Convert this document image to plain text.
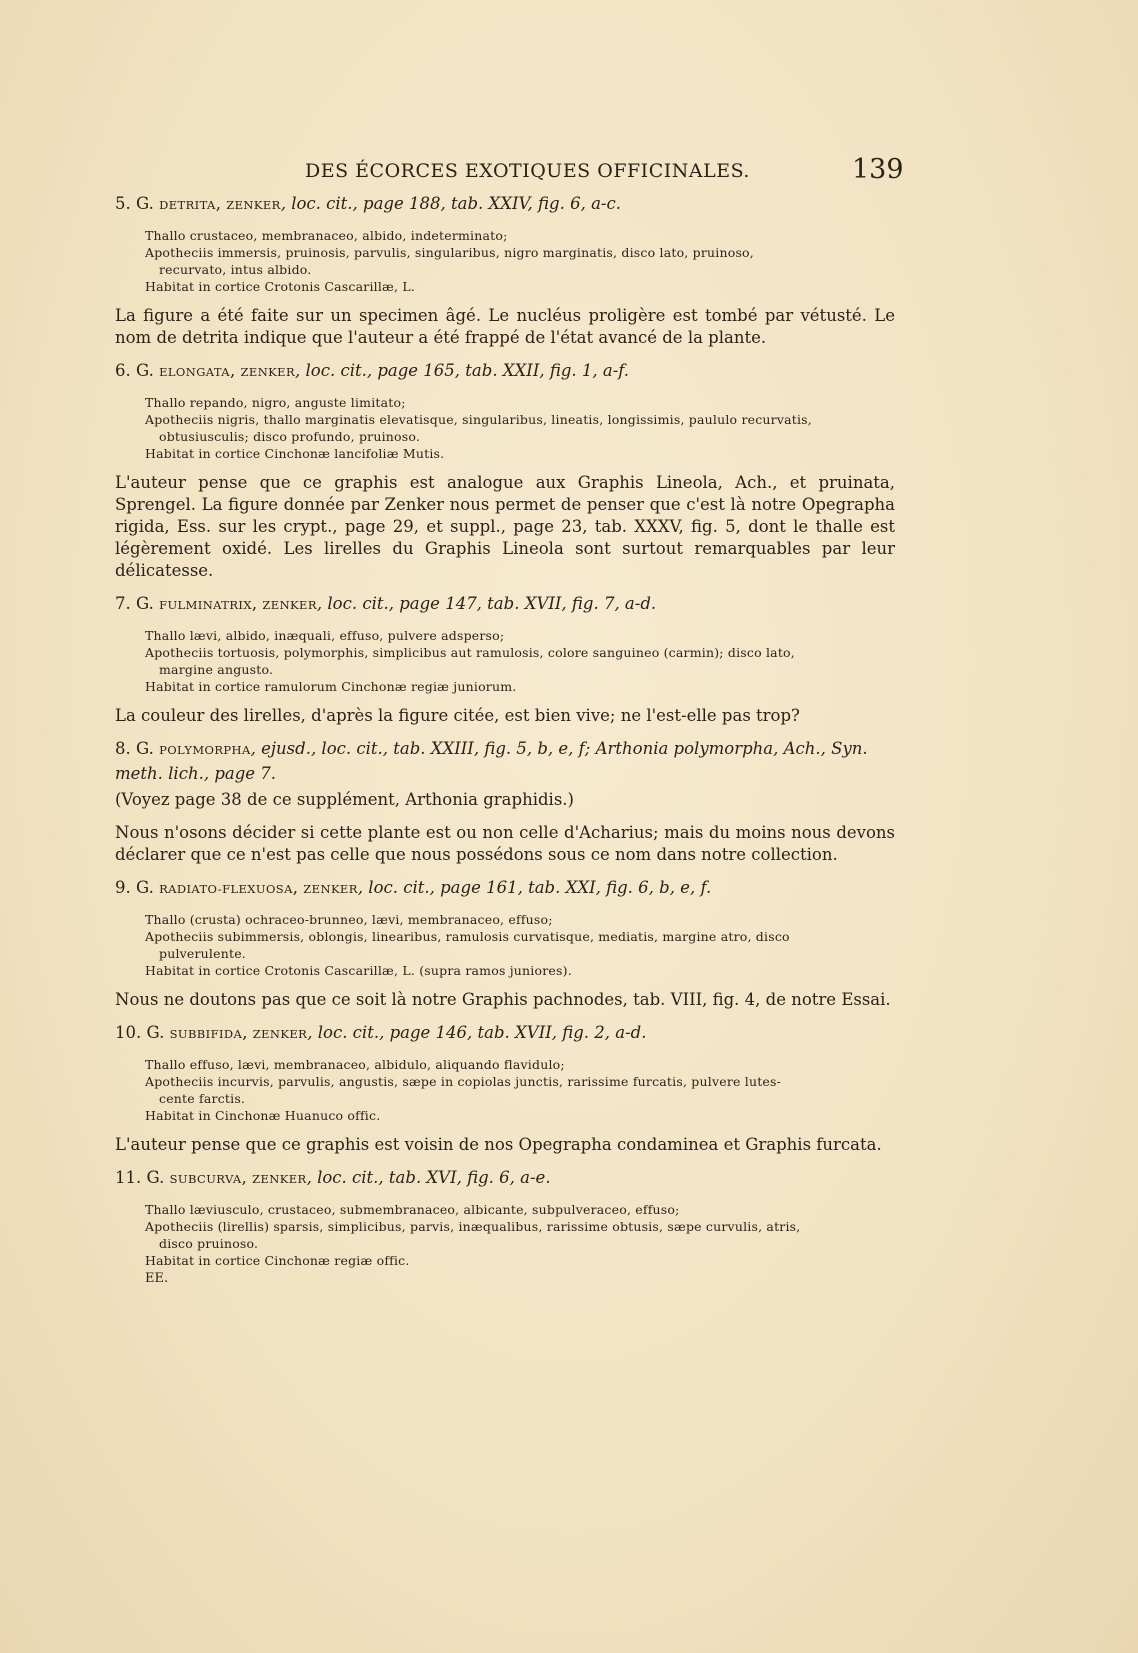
DES ÉCORCES EXOTIQUES OFFICINALES.	139

5. G. DETRITA, ZENKER, loc. cit., page 188, tab. XXIV, fig. 6, a-c.

Thallo crustaceo, membranaceo, albido, indeterminato;
Apotheciis immersis, pruinosis, parvulis, singularibus, nigro marginatis, disco lato, pruinoso,
recurvato, intus albido.
Habitat in cortice Crotonis Cascarillæ, L.

La figure a été faite sur un specimen âgé. Le nucléus proligère est tombé par vétusté. Le nom de detrita indique que l'auteur a été frappé de l'état avancé de la plante.

6. G. ELONGATA, ZENKER, loc. cit., page 165, tab. XXII, fig. 1, a-f.

Thallo repando, nigro, anguste limitato;
Apotheciis nigris, thallo marginatis elevatisque, singularibus, lineatis, longissimis, paululo recurvatis,
obtusiusculis; disco profundo, pruinoso.
Habitat in cortice Cinchonæ lancifoliæ Mutis.

L'auteur pense que ce graphis est analogue aux Graphis Lineola, Ach., et pruinata, Sprengel. La figure donnée par Zenker nous permet de penser que c'est là notre Opegrapha rigida, Ess. sur les crypt., page 29, et suppl., page 23, tab. XXXV, fig. 5, dont le thalle est légèrement oxidé. Les lirelles du Graphis Lineola sont surtout remarquables par leur délicatesse.

7. G. FULMINATRIX, ZENKER, loc. cit., page 147, tab. XVII, fig. 7, a-d.

Thallo lævi, albido, inæquali, effuso, pulvere adsperso;
Apotheciis tortuosis, polymorphis, simplicibus aut ramulosis, colore sanguineo (carmin); disco lato,
margine angusto.
Habitat in cortice ramulorum Cinchonæ regiæ juniorum.

La couleur des lirelles, d'après la figure citée, est bien vive; ne l'est-elle pas trop?

8. G. POLYMORPHA, ejusd., loc. cit., tab. XXIII, fig. 5, b, e, f; Arthonia polymorpha, Ach., Syn. meth. lich., page 7.

(Voyez page 38 de ce supplément, Arthonia graphidis.)

Nous n'osons décider si cette plante est ou non celle d'Acharius; mais du moins nous devons déclarer que ce n'est pas celle que nous possédons sous ce nom dans notre collection.

9. G. RADIATO-FLEXUOSA, ZENKER, loc. cit., page 161, tab. XXI, fig. 6, b, e, f.

Thallo (crusta) ochraceo-brunneo, lævi, membranaceo, effuso;
Apotheciis subimmersis, oblongis, linearibus, ramulosis curvatisque, mediatis, margine atro, disco
pulverulente.
Habitat in cortice Crotonis Cascarillæ, L. (supra ramos juniores).

Nous ne doutons pas que ce soit là notre Graphis pachnodes, tab. VIII, fig. 4, de notre Essai.

10. G. SUBBIFIDA, ZENKER, loc. cit., page 146, tab. XVII, fig. 2, a-d.

Thallo effuso, lævi, membranaceo, albidulo, aliquando flavidulo;
Apotheciis incurvis, parvulis, angustis, sæpe in copiolas junctis, rarissime furcatis, pulvere lutes-
cente farctis.
Habitat in Cinchonæ Huanuco offic.

L'auteur pense que ce graphis est voisin de nos Opegrapha condaminea et Graphis furcata.

11. G. SUBCURVA, ZENKER, loc. cit., tab. XVI, fig. 6, a-e.

Thallo læviusculo, crustaceo, submembranaceo, albicante, subpulveraceo, effuso;
Apotheciis (lirellis) sparsis, simplicibus, parvis, inæqualibus, rarissime obtusis, sæpe curvulis, atris,
disco pruinoso.
Habitat in cortice Cinchonæ regiæ offic.

EE.
